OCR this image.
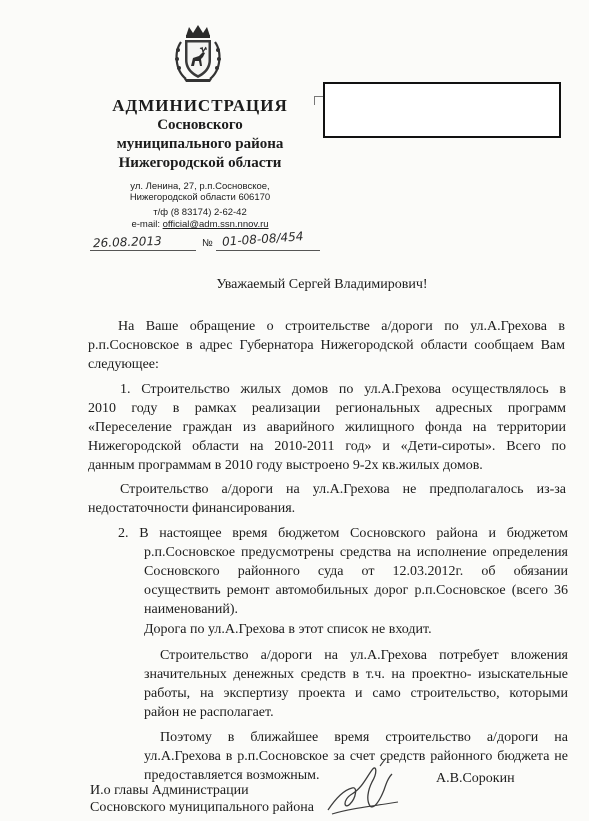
АДМИНИСТРАЦИЯ

Сосновского

муниципального района

Нижегородской области

ул. Ленина, 27, р.п.Сосновское,

Нижегородской области 606170

т/ф (8 83174) 2-62-42

e-mail: official@adm.ssn.nnov.ru

26.08.2013	№ 01-08-08/454

Уважаемый Сергей Владимирович!

На Ваше обращение о строительстве а/дороги по ул.А.Грехова в

р.п.Сосновское в адрес Губернатора Нижегородской области сообщаем Вам

следующее:

1. Строительство жилых домов по ул.А.Грехова осуществлялось в

2010 году в рамках реализации региональных адресных программ

«Переселение граждан из аварийного жилищного фонда на территории

Нижегородской области на 2010-2011 год» и «Дети-сироты». Всего по

данным программам в 2010 году выстроено 9-2х кв.жилых домов.

Строительство а/дороги на ул.А.Грехова не предполагалось из-за

недостаточности финансирования.

2. В настоящее время бюджетом Сосновского района и бюджетом

р.п.Сосновское предусмотрены средства на исполнение определения

Сосновского районного суда от 12.03.2012г. об обязании

осуществить ремонт автомобильных дорог р.п.Сосновское (всего 36

наименований).

Дорога по ул.А.Грехова в этот список не входит.

Строительство а/дороги на ул.А.Грехова потребует вложения

значительных денежных средств в т.ч. на проектно- изыскательные

работы, на экспертизу проекта и само строительство, которыми

район не располагает.

Поэтому в ближайшее время строительство а/дороги на

ул.А.Грехова в р.п.Сосновское за счет средств районного бюджета не

предоставляется возможным.

И.о главы Администрации

Сосновского муниципального района

А.В.Сорокин
